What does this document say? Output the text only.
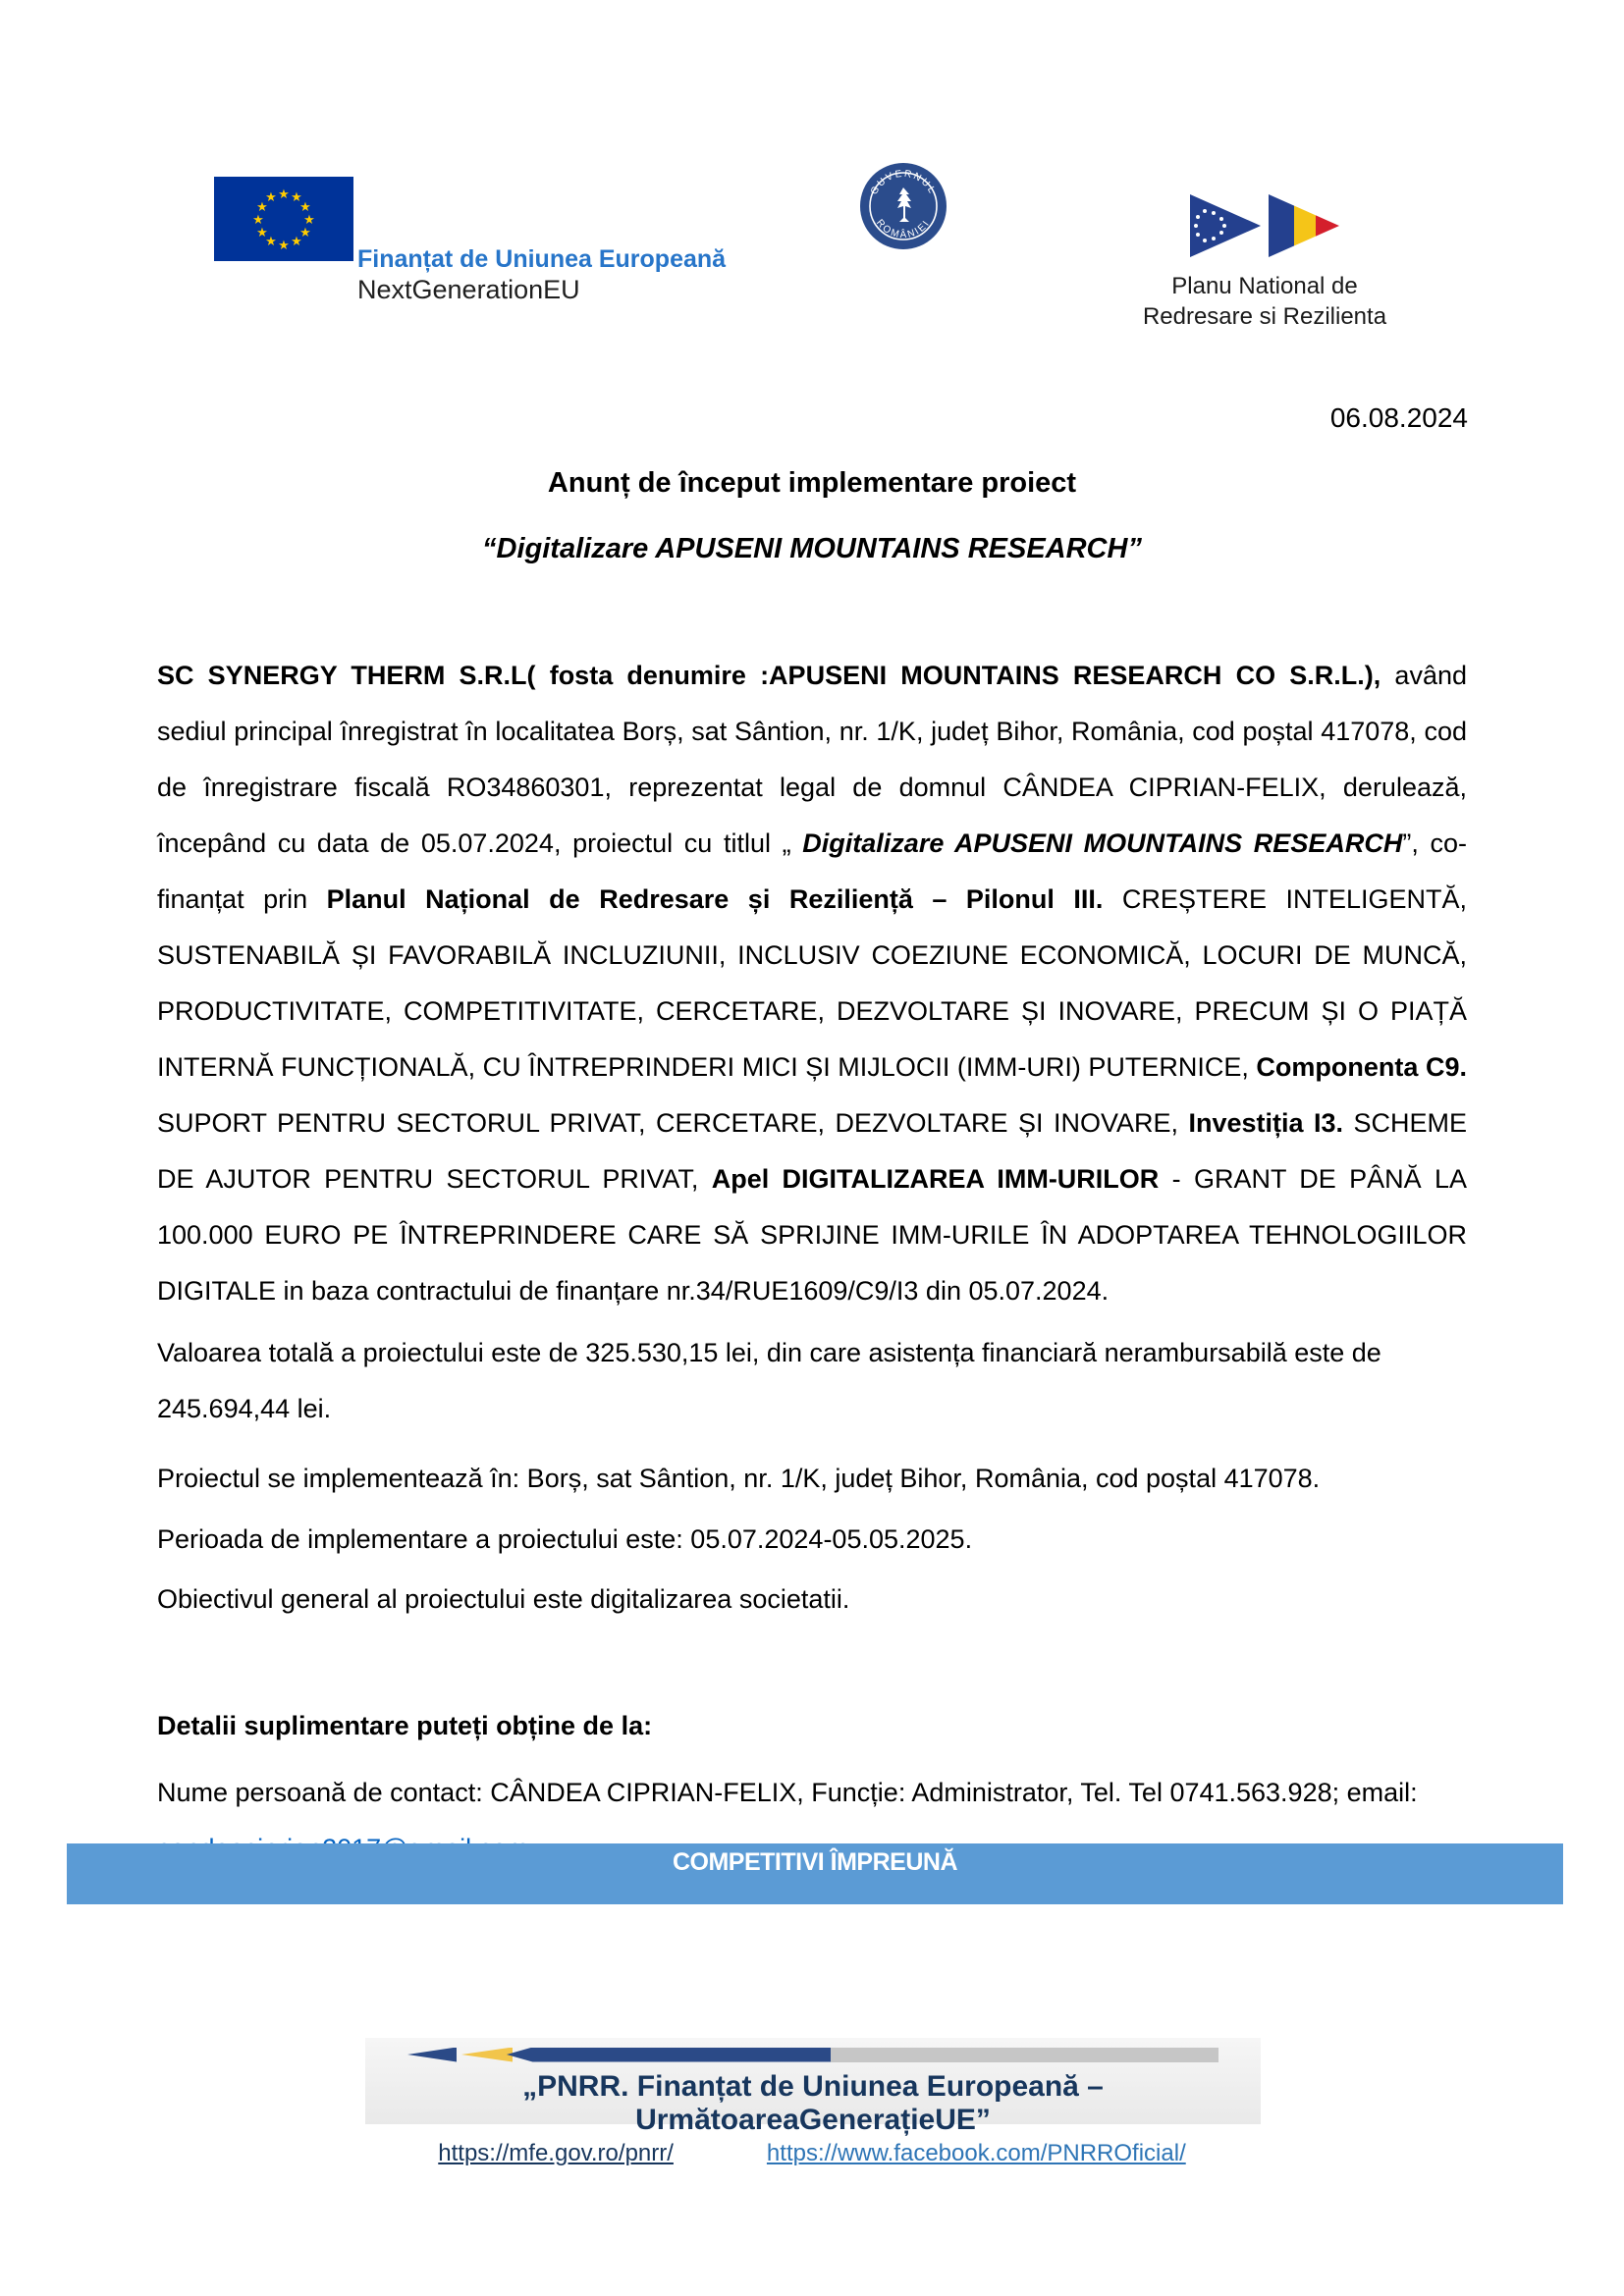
★ ★
★
★
★
★
★
★
★
★
★
★
Finanțat de Uniunea Europeană
NextGenerationEU
GUVERNUL
ROMÂNIEI
Planu National de
Redresare si Rezilienta
06.08.2024
Anunț de început implementare proiect
“Digitalizare APUSENI MOUNTAINS RESEARCH”

SC SYNERGY THERM S.R.L( fosta denumire :APUSENI MOUNTAINS RESEARCH CO S.R.L.), având sediul principal înregistrat în localitatea Borș, sat Sântion, nr. 1/K, județ Bihor, România, cod poștal 417078, cod de înregistrare fiscală RO34860301, reprezentat legal de domnul CÂNDEA CIPRIAN-FELIX, derulează, începând cu data de 05.07.2024, proiectul cu titlul „ Digitalizare APUSENI MOUNTAINS RESEARCH”, co-finanțat prin Planul Național de Redresare și Reziliență – Pilonul III. CREȘTERE INTELIGENTĂ, SUSTENABILĂ ȘI FAVORABILĂ INCLUZIUNII, INCLUSIV COEZIUNE ECONOMICĂ, LOCURI DE MUNCĂ, PRODUCTIVITATE, COMPETITIVITATE, CERCETARE, DEZVOLTARE ȘI INOVARE, PRECUM ȘI O PIAȚĂ INTERNĂ FUNCȚIONALĂ, CU ÎNTREPRINDERI MICI ȘI MIJLOCII (IMM-URI) PUTERNICE, Componenta C9. SUPORT PENTRU SECTORUL PRIVAT, CERCETARE, DEZVOLTARE ȘI INOVARE, Investiția I3. SCHEME DE AJUTOR PENTRU SECTORUL PRIVAT, Apel DIGITALIZAREA IMM-URILOR - GRANT DE PÂNĂ LA 100.000 EURO PE ÎNTREPRINDERE CARE SĂ SPRIJINE IMM-URILE ÎN ADOPTAREA TEHNOLOGIILOR DIGITALE in baza contractului de finanțare nr.34/RUE1609/C9/I3 din 05.07.2024.

Valoarea totală a proiectului este de 325.530,15 lei, din care asistența financiară nerambursabilă este de 245.694,44 lei.

Proiectul se implementează în: Borș, sat Sântion, nr. 1/K, județ Bihor, România, cod poștal 417078.

Perioada de implementare a proiectului este: 05.07.2024-05.05.2025.

Obiectivul general al proiectului este digitalizarea societatii.

Detalii suplimentare puteți obține de la:

Nume persoană de contact: CÂNDEA CIPRIAN-FELIX, Funcție: Administrator, Tel. Tel 0741.563.928; email:

COMPETITIVI ÎMPREUNĂ
„PNRR. Finanțat de Uniunea Europeană – UrmătoareaGenerațieUE”
https://mfe.gov.ro/pnrr/	https://www.facebook.com/PNRROficial/
